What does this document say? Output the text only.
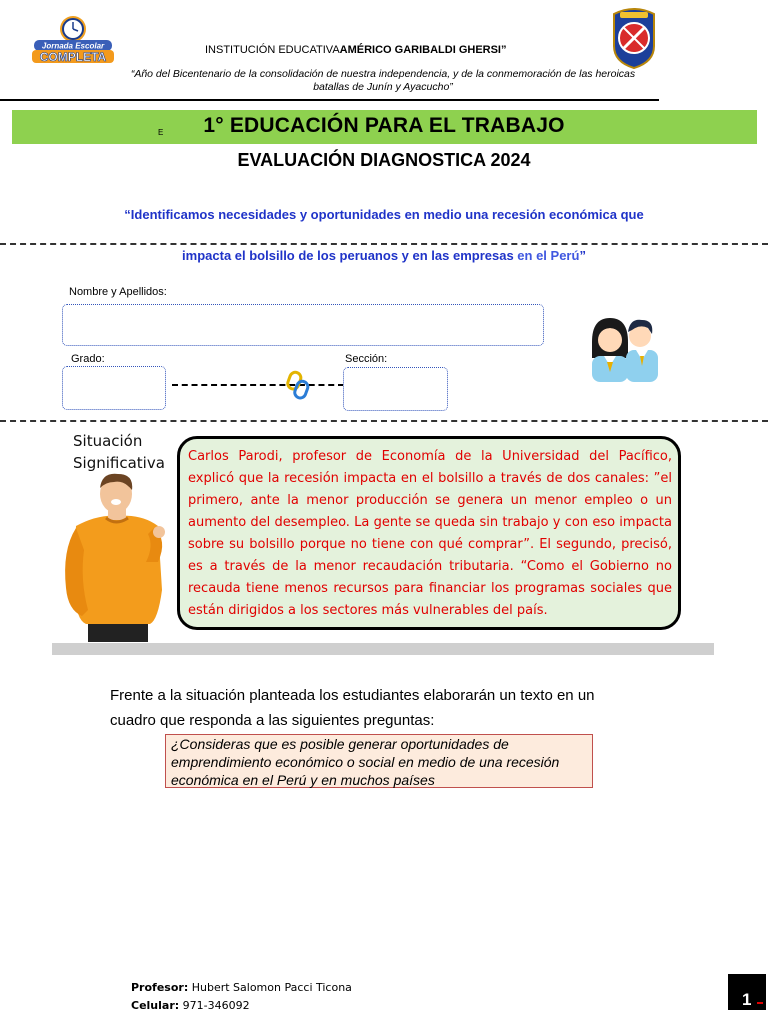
Jornada Escolar
COMPLETA	INSTITUCIÓN EDUCATIVAAMÉRICO GARIBALDI GHERSI”
“Año del Bicentenario de la consolidación de nuestra independencia, y de la conmemoración de las heroicas batallas de Junín y Ayacucho”
E	1° EDUCACIÓN PARA EL TRABAJO
EVALUACIÓN DIAGNOSTICA 2024
“Identificamos necesidades y oportunidades en medio una recesión económica que
impacta el bolsillo de los peruanos y en las empresas en el Perú”
Nombre y Apellidos:
Grado:	Sección:
Situación
Significativa Carlos Parodi, profesor de Economía de la Universidad del Pacífico, explicó que la recesión impacta en el bolsillo a través de dos canales: ”el primero, ante la menor producción se genera un menor empleo o un aumento del desempleo. La gente se queda sin trabajo y con eso impacta sobre su bolsillo porque no tiene con qué comprar”. El segundo, precisó, es a través de la menor recaudación tributaria. “Como el Gobierno no recauda tiene menos recursos para financiar los programas sociales que están dirigidos a los sectores más vulnerables del país.
Frente a la situación planteada los estudiantes elaborarán un texto en un cuadro que responda a las siguientes preguntas:
¿Consideras que es posible generar oportunidades de emprendimiento económico o social en medio de una recesión económica en el Perú y en muchos países
Profesor: Hubert Salomon Pacci Ticona
Celular: 971-346092	1
